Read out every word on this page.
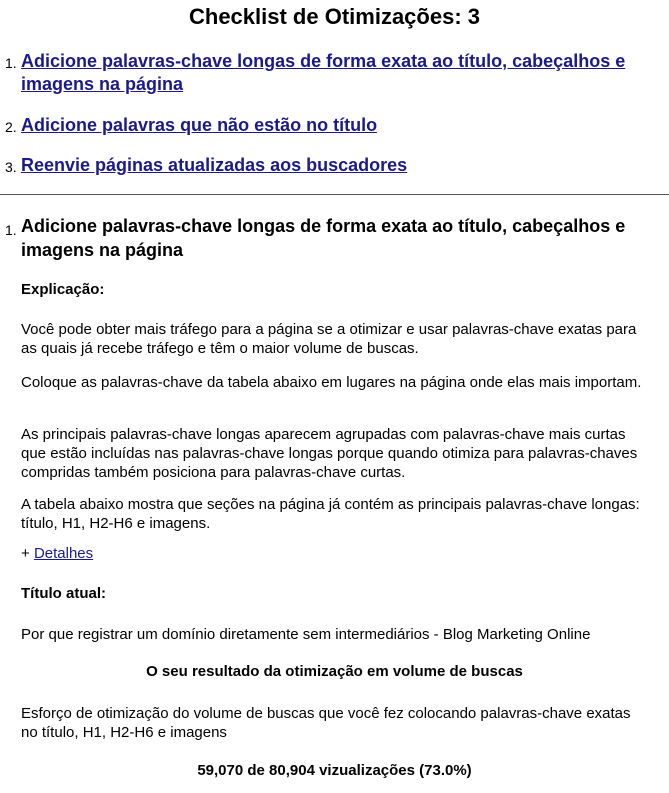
Checklist de Otimizações: 3
1. Adicione palavras-chave longas de forma exata ao título, cabeçalhos e imagens na página
2. Adicione palavras que não estão no título
3. Reenvie páginas atualizadas aos buscadores
1. Adicione palavras-chave longas de forma exata ao título, cabeçalhos e imagens na página
Explicação:
Você pode obter mais tráfego para a página se a otimizar e usar palavras-chave exatas para as quais já recebe tráfego e têm o maior volume de buscas.
Coloque as palavras-chave da tabela abaixo em lugares na página onde elas mais importam.
As principais palavras-chave longas aparecem agrupadas com palavras-chave mais curtas que estão incluídas nas palavras-chave longas porque quando otimiza para palavras-chaves compridas também posiciona para palavras-chave curtas.
A tabela abaixo mostra que seções na página já contém as principais palavras-chave longas: título, H1, H2-H6 e imagens.
+ Detalhes
Título atual:
Por que registrar um domínio diretamente sem intermediários - Blog Marketing Online
O seu resultado da otimização em volume de buscas
Esforço de otimização do volume de buscas que você fez colocando palavras-chave exatas no título, H1, H2-H6 e imagens
59,070 de 80,904 vizualizações (73.0%)
